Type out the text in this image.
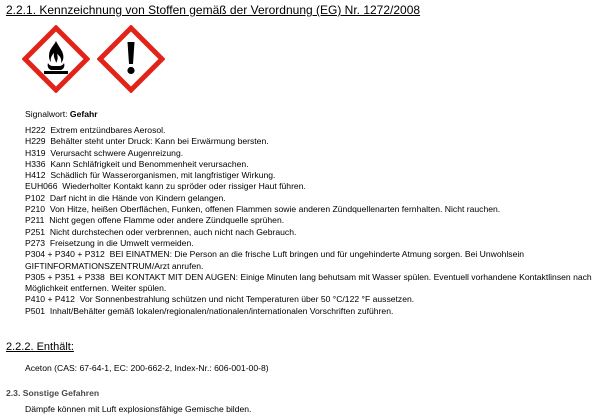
2.2.1. Kennzeichnung von Stoffen gemäß der Verordnung (EG) Nr. 1272/2008
Signalwort: Gefahr
H222 Extrem entzündbares Aerosol.
H229 Behälter steht unter Druck: Kann bei Erwärmung bersten.
H319 Verursacht schwere Augenreizung.
H336 Kann Schläfrigkeit und Benommenheit verursachen.
H412 Schädlich für Wasserorganismen, mit langfristiger Wirkung.
EUH066 Wiederholter Kontakt kann zu spröder oder rissiger Haut führen.
P102 Darf nicht in die Hände von Kindern gelangen.
P210 Von Hitze, heißen Oberflächen, Funken, offenen Flammen sowie anderen Zündquellenarten fernhalten. Nicht rauchen.
P211 Nicht gegen offene Flamme oder andere Zündquelle sprühen.
P251 Nicht durchstechen oder verbrennen, auch nicht nach Gebrauch.
P273 Freisetzung in die Umwelt vermeiden.
P304 + P340 + P312 BEI EINATMEN: Die Person an die frische Luft bringen und für ungehinderte Atmung sorgen. Bei Unwohlsein GIFTINFORMATIONSZENTRUM/Arzt anrufen.
P305 + P351 + P338 BEI KONTAKT MIT DEN AUGEN: Einige Minuten lang behutsam mit Wasser spülen. Eventuell vorhandene Kontaktlinsen nach Möglichkeit entfernen. Weiter spülen.
P410 + P412 Vor Sonnenbestrahlung schützen und nicht Temperaturen über 50 °C/122 °F aussetzen.
P501 Inhalt/Behälter gemäß lokalen/regionalen/nationalen/internationalen Vorschriften zuführen.
2.2.2. Enthält:
Aceton (CAS: 67-64-1, EC: 200-662-2, Index-Nr.: 606-001-00-8)
2.3. Sonstige Gefahren
Dämpfe können mit Luft explosionsfähige Gemische bilden.
